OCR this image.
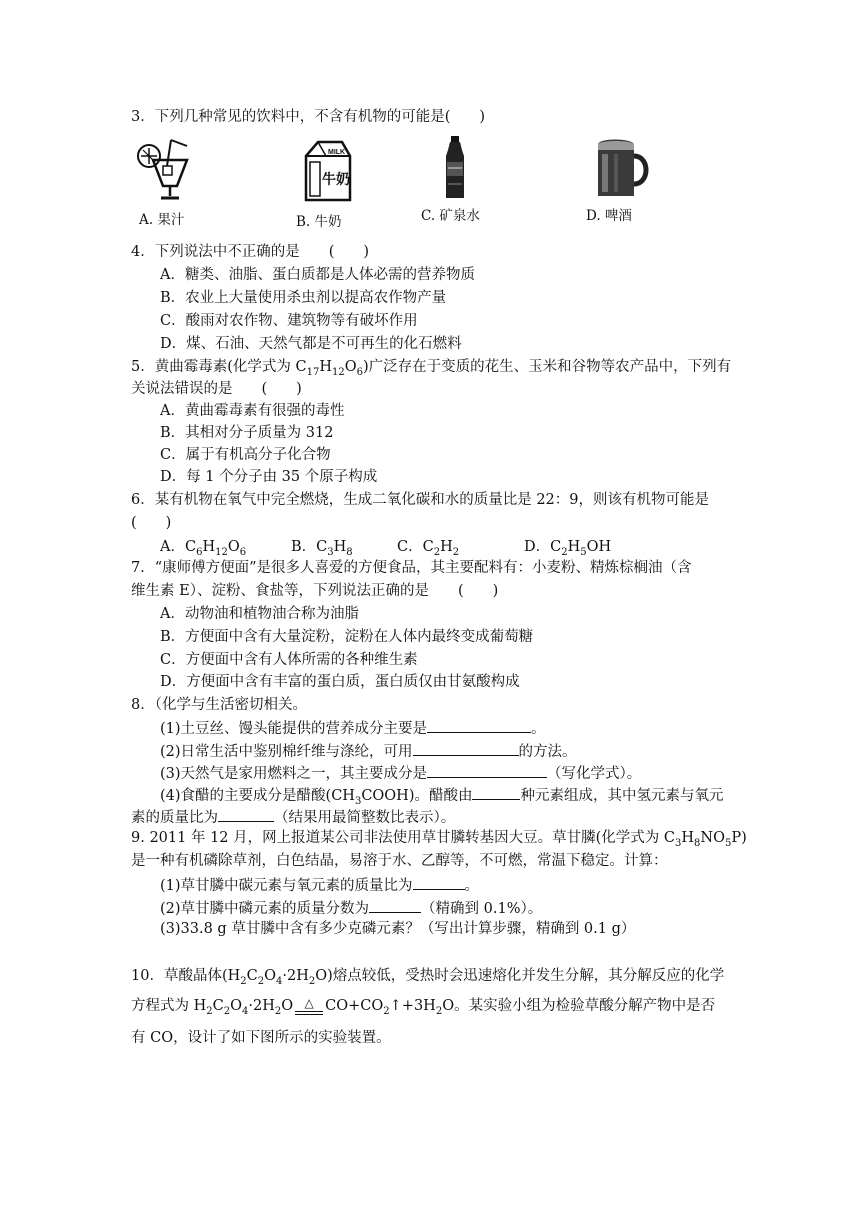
3．下列几种常见的饮料中，不含有机物的可能是(　　)
A. 果汁
MILK
牛奶
B. 牛奶	C. 矿泉水	D. 啤酒
4．下列说法中不正确的是　　(　　)
A．糖类、油脂、蛋白质都是人体必需的营养物质
B．农业上大量使用杀虫剂以提高农作物产量
C．酸雨对农作物、建筑物等有破坏作用
D．煤、石油、天然气都是不可再生的化石燃料
5．黄曲霉毒素(化学式为 $C_{17}H_{12}O_6$)广泛存在于变质的花生、玉米和谷物等农产品中，下列有
关说法错误的是　　(　　)
A．黄曲霉毒素有很强的毒性
B．其相对分子质量为 312
C．属于有机高分子化合物
D．每 1 个分子由 35 个原子构成
6．某有机物在氧气中完全燃烧，生成二氧化碳和水的质量比是 22：9，则该有机物可能是
(　　)
A．$C_6H_{12}O_6$	B．$C_3H_8$	C．$C_2H_2$	D．$C_2H_5OH$
7．“康师傅方便面”是很多人喜爱的方便食品，其主要配料有：小麦粉、精炼棕榈油（含
维生素 E）、淀粉、食盐等，下列说法正确的是　　(　　)
A．动物油和植物油合称为油脂
B．方便面中含有大量淀粉，淀粉在人体内最终变成葡萄糖
C．方便面中含有人体所需的各种维生素
D．方便面中含有丰富的蛋白质，蛋白质仅由甘氨酸构成
8．（化学与生活密切相关。
(1)土豆丝、馒头能提供的营养成分主要是	。
(2)日常生活中鉴别棉纤维与涤纶，可用	的方法。
(3)天然气是家用燃料之一，其主要成分是	（写化学式）。
(4)食醋的主要成分是醋酸$(CH_3COOH)$。醋酸由	种元素组成，其中氢元素与氧元
素的质量比为	（结果用最简整数比表示）。
9. 2011 年 12 月，网上报道某公司非法使用草甘膦转基因大豆。草甘膦(化学式为 $C_3H_8NO_5P$)
是一种有机磷除草剂，白色结晶，易溶于水、乙醇等，不可燃，常温下稳定。计算：
(1)草甘膦中碳元素与氧元素的质量比为	。
(2)草甘膦中磷元素的质量分数为	（精确到 0.1%）。
(3)33.8 g 草甘膦中含有多少克磷元素？（写出计算步骤，精确到 0.1 g）
10．草酸晶体$(H_2C_2O_4\cdot 2H_2O)$熔点较低，受热时会迅速熔化并发生分解，其分解反应的化学
方程式为 $H_2C_2O_4\cdot 2H_2O$ △ $CO+CO_2↑+3H_2O$。某实验小组为检验草酸分解产物中是否
有 CO，设计了如下图所示的实验装置。
